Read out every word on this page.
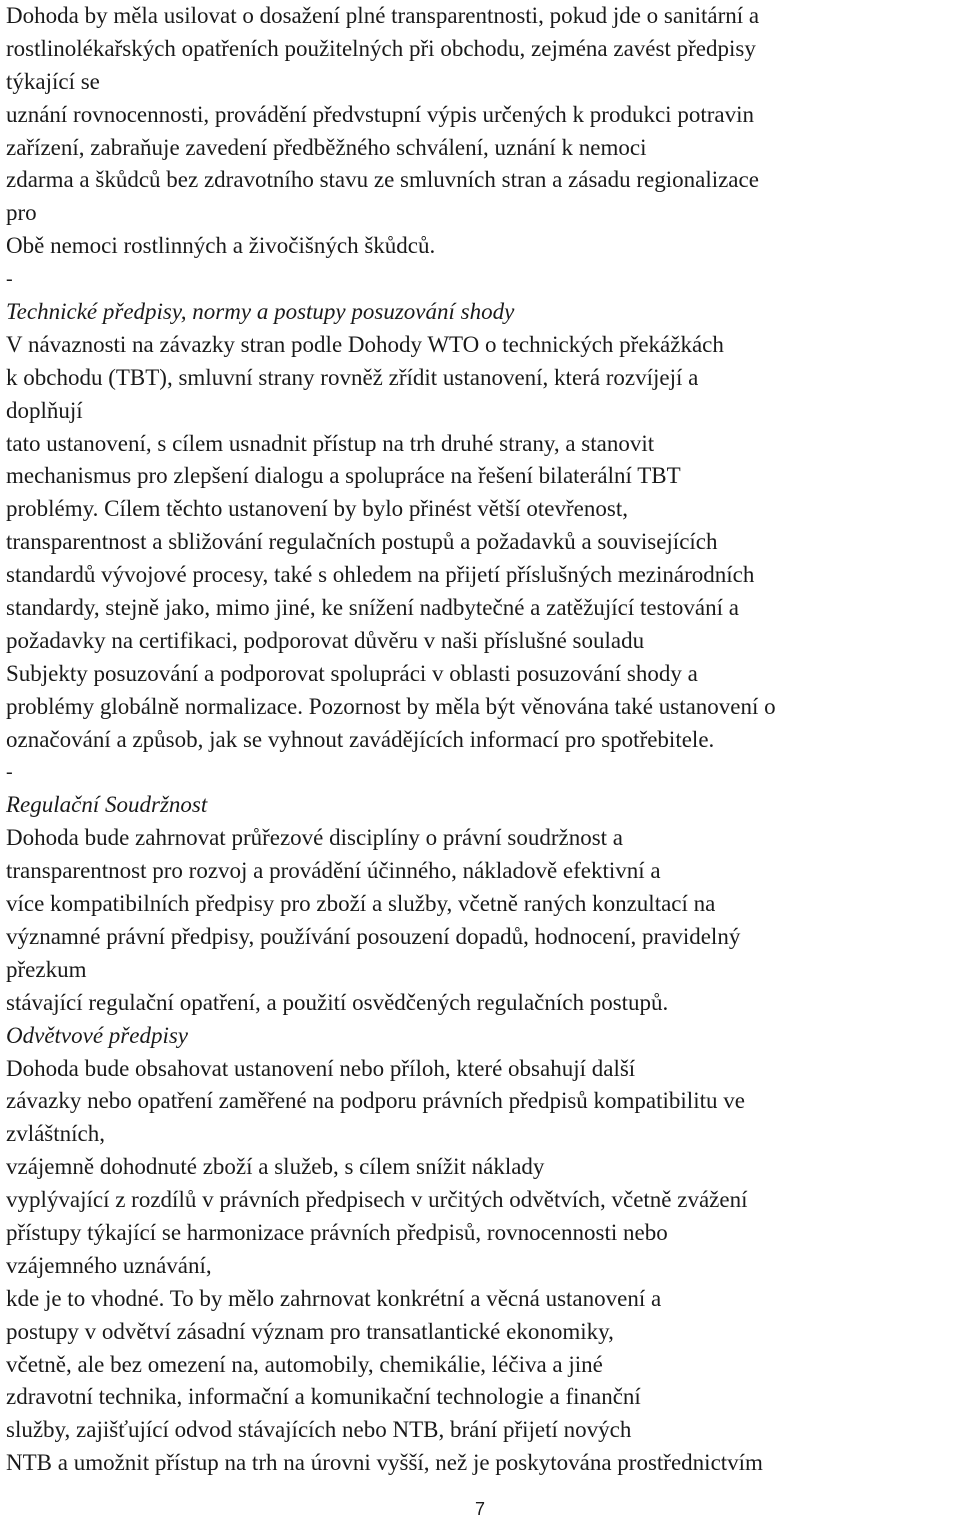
Dohoda by měla usilovat o dosažení plné transparentnosti, pokud jde o sanitární a
rostlinolékařských opatřeních použitelných při obchodu, zejména zavést předpisy
týkající se
uznání rovnocennosti, provádění předvstupní výpis určených k produkci potravin
zařízení, zabraňuje zavedení předběžného schválení, uznání k nemoci
zdarma a škůdců bez zdravotního stavu ze smluvních stran a zásadu regionalizace
pro
Obě nemoci rostlinných a živočišných škůdců.
-
Technické předpisy, normy a postupy posuzování shody
V návaznosti na závazky stran podle Dohody WTO o technických překážkách
k obchodu (TBT), smluvní strany rovněž zřídit ustanovení, která rozvíjejí a
doplňují
tato ustanovení, s cílem usnadnit přístup na trh druhé strany, a stanovit
mechanismus pro zlepšení dialogu a spolupráce na řešení bilaterální TBT
problémy. Cílem těchto ustanovení by bylo přinést větší otevřenost,
transparentnost a sbližování regulačních postupů a požadavků a souvisejících
standardů vývojové procesy, také s ohledem na přijetí příslušných mezinárodních
standardy, stejně jako, mimo jiné, ke snížení nadbytečné a zatěžující testování a
požadavky na certifikaci, podporovat důvěru v naši příslušné souladu
Subjekty posuzování a podporovat spolupráci v oblasti posuzování shody a
problémy globálně normalizace. Pozornost by měla být věnována také ustanovení o
označování a způsob, jak se vyhnout zavádějících informací pro spotřebitele.
-
Regulační Soudržnost
Dohoda bude zahrnovat průřezové disciplíny o právní soudržnost a
transparentnost pro rozvoj a provádění účinného, nákladově efektivní a
více kompatibilních předpisy pro zboží a služby, včetně raných konzultací na
významné právní předpisy, používání posouzení dopadů, hodnocení, pravidelný
přezkum
stávající regulační opatření, a použití osvědčených regulačních postupů.
Odvětvové předpisy
Dohoda bude obsahovat ustanovení nebo příloh, které obsahují další
závazky nebo opatření zaměřené na podporu právních předpisů kompatibilitu ve
zvláštních,
vzájemně dohodnuté zboží a služeb, s cílem snížit náklady
vyplývající z rozdílů v právních předpisech v určitých odvětvích, včetně zvážení
přístupy týkající se harmonizace právních předpisů, rovnocennosti nebo
vzájemného uznávání,
kde je to vhodné. To by mělo zahrnovat konkrétní a věcná ustanovení a
postupy v odvětví zásadní význam pro transatlantické ekonomiky,
včetně, ale bez omezení na, automobily, chemikálie, léčiva a jiné
zdravotní technika, informační a komunikační technologie a finanční
služby, zajišťující odvod stávajících nebo NTB, brání přijetí nových
NTB a umožnit přístup na trh na úrovni vyšší, než je poskytována prostřednictvím
7
